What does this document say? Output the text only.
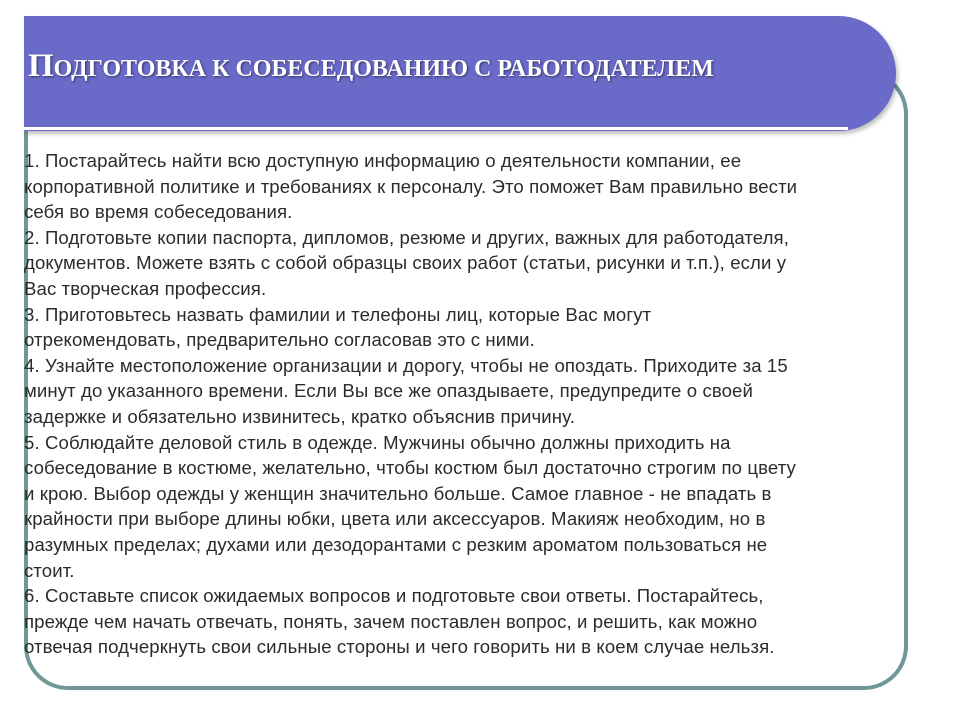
ПОДГОТОВКА К СОБЕСЕДОВАНИЮ С РАБОТОДАТЕЛЕМ

1. Постарайтесь найти всю доступную информацию о деятельности компании, ее
корпоративной политике и требованиях к персоналу. Это поможет Вам правильно вести
себя во время собеседования.

2. Подготовьте копии паспорта, дипломов, резюме и других, важных для работодателя,
документов. Можете взять с собой образцы своих работ (статьи, рисунки и т.п.), если у
Вас творческая профессия.

3. Приготовьтесь назвать фамилии и телефоны лиц, которые Вас могут
отрекомендовать, предварительно согласовав это с ними.

4. Узнайте местоположение организации и дорогу, чтобы не опоздать. Приходите за 15
минут до указанного времени. Если Вы все же опаздываете, предупредите о своей
задержке и обязательно извинитесь, кратко объяснив причину.

5. Соблюдайте деловой стиль в одежде. Мужчины обычно должны приходить на
собеседование в костюме, желательно, чтобы костюм был достаточно строгим по цвету
и крою. Выбор одежды у женщин значительно больше. Самое главное - не впадать в
крайности при выборе длины юбки, цвета или аксессуаров. Макияж необходим, но в
разумных пределах; духами или дезодорантами с резким ароматом пользоваться не
стоит.

6. Составьте список ожидаемых вопросов и подготовьте свои ответы. Постарайтесь,
прежде чем начать отвечать, понять, зачем поставлен вопрос, и решить, как можно
отвечая подчеркнуть свои сильные стороны и чего говорить ни в коем случае нельзя.
